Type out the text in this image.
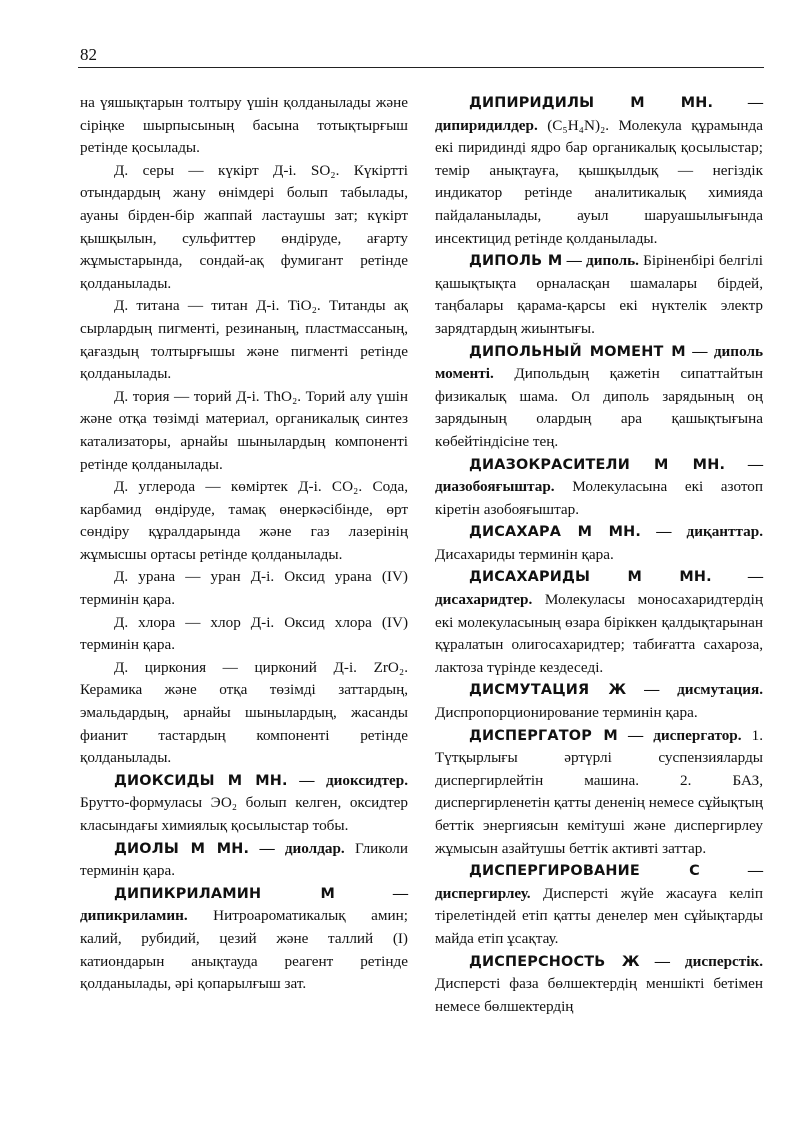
82

на үяшықтарын толтыру үшін қолданылады және сіріңке шырпысының басына тотықтырғыш ретінде қосылады.

Д. серы — күкірт Д-і. SO₂. Күкіртті отындардың жану өнімдері болып табылады, ауаны бірден-бір жаппай ластаушы зат; күкірт қышқылын, сульфиттер өндіруде, ағарту жұмыстарында, сондай-ақ фумигант ретінде қолданылады.

Д. титана — титан Д-і. TiO₂. Титанды ақ сырлардың пигменті, резинаның, пластмассаның, қағаздың толтырғышы және пигменті ретінде қолданылады.

Д. тория — торий Д-і. ThO₂. Торий алу үшін және отқа төзімді материал, органикалық синтез катализаторы, арнайы шынылардың компоненті ретінде қолданылады.

Д. углерода — көміртек Д-і. CO₂. Сода, карбамид өндіруде, тамақ өнеркәсібінде, өрт сөндіру құралдарында және газ лазерінің жұмысшы ортасы ретінде қолданылады.

Д. урана — уран Д-і. Оксид урана (IV) терминін қара.

Д. хлора — хлор Д-і. Оксид хлора (IV) терминін қара.

Д. циркония — цирконий Д-і. ZrO₂. Керамика және отқа төзімді заттардың, эмальдардың, арнайы шынылардың, жасанды фианит тастардың компоненті ретінде қолданылады.

ДИОКСИДЫ М МН. — диоксидтер. Брутто-формуласы ЭО₂ болып келген, оксидтер класындағы химиялық қосылыстар тобы.

ДИОЛЫ М МН. — диолдар. Гликоли терминін қара.

ДИПИКРИЛАМИН М	— дипикриламин. Нитроароматикалық амин; калий, рубидий, цезий және таллий (I) катиондарын анықтауда реагент ретінде қолданылады, әрі қопарылғыш зат.

ДИПИРИДИЛЫ М МН. — дипиридилдер. (C₅H₄N)₂. Молекула құрамында екі пиридинді ядро бар органикалық қосылыстар; темір анықтауға, қышқылдық — негіздік индикатор ретінде аналитикалық химияда пайдаланылады, ауыл шаруашылығында инсектицид ретінде қолданылады.

ДИПОЛЬ М — диполь. Біріненбірі белгілі қашықтықта орналасқан шамалары бірдей, таңбалары қарама-қарсы екі нүктелік электр зарядтардың жиынтығы.

ДИПОЛЬНЫЙ МОМЕНТ М — диполь моменті. Дипольдың қажетін сипаттайтын физикалық шама. Ол диполь зарядының оң зарядының олардың ара қашықтығына көбейтіндісіне тең.

ДИАЗОКРАСИТЕЛИ М МН. — диазобояғыштар. Молекуласына екі азотоп кіретін азобояғыштар.

ДИСАХАРА М МН. — диқанттар. Дисахариды терминін қара.

ДИСАХАРИДЫ М МН. — дисахаридтер. Молекуласы моносахаридтердің екі молекуласының өзара біріккен қалдықтарынан құралатын олигосахаридтер; табиғатта сахароза, лактоза түрінде кездеседі.

ДИСМУТАЦИЯ Ж — дисмутация. Диспропорционирование терминін қара.

ДИСПЕРГАТОР М — диспергатор. 1. Түтқырлығы әртүрлі суспензияларды диспергирлейтін машина. 2. БАЗ, диспергирленетін қатты дененің немесе сұйықтың беттік энергиясын кемітуші және диспергирлеу жұмысын азайтушы беттік активті заттар.

ДИСПЕРГИРОВАНИЕ С	— диспергирлеу. Дисперсті жүйе жасауға келіп тірелетіндей етіп қатты денелер мен сұйықтарды майда етіп ұсақтау.

ДИСПЕРСНОСТЬ Ж — дисперстік. Дисперсті фаза бөлшектердің меншікті бетімен немесе бөлшектердің
